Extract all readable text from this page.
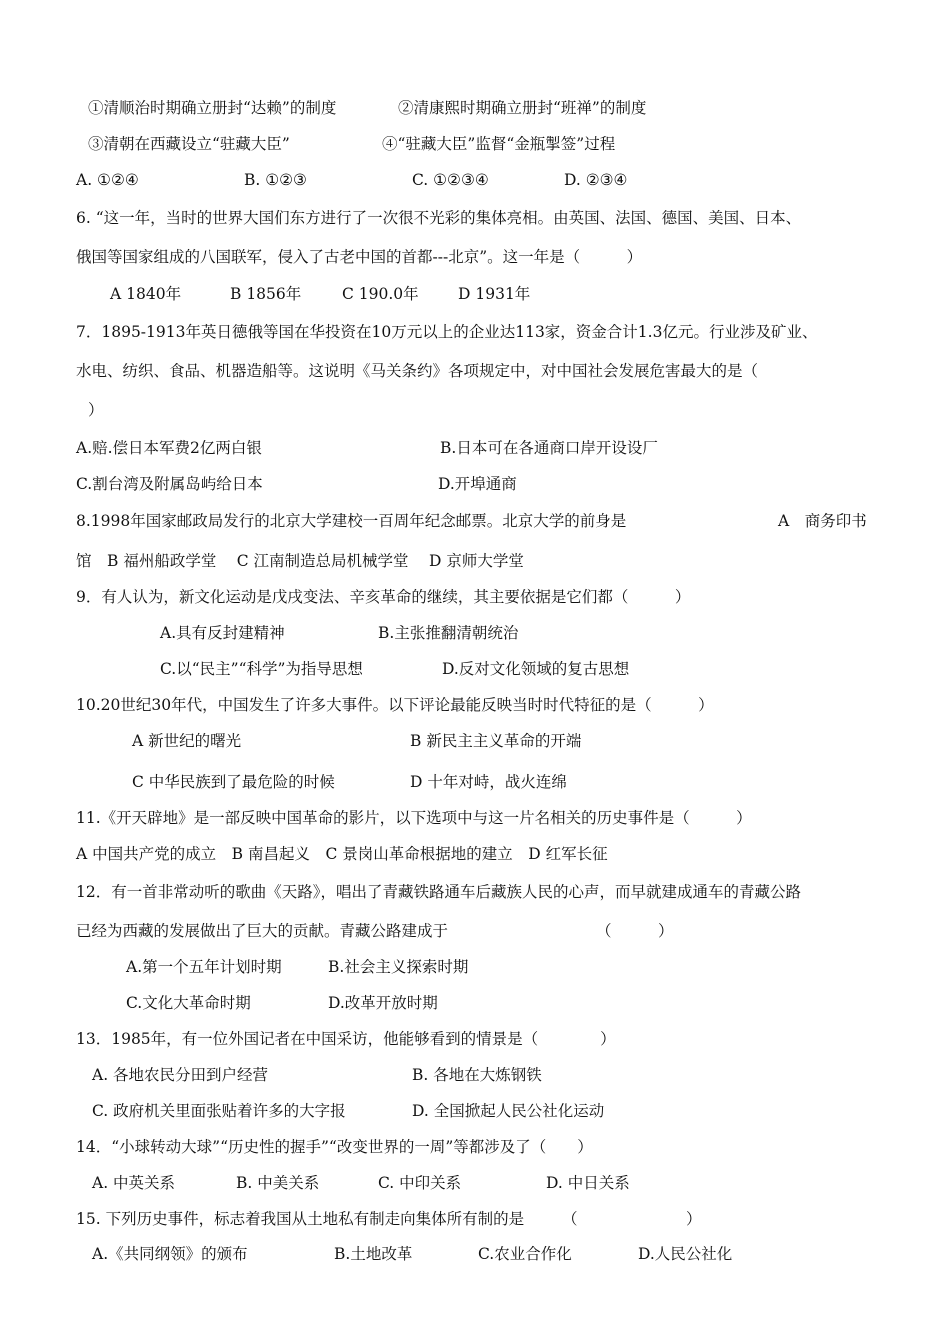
①清顺治时期确立册封“达赖”的制度	②清康熙时期确立册封“班禅”的制度
③清朝在西藏设立“驻藏大臣”	④“驻藏大臣”监督“金瓶掣签”过程
A. ①②④	B. ①②③	C. ①②③④	D. ②③④
6. “这一年，当时的世界大国们东方进行了一次很不光彩的集体亮相。由英国、法国、德国、美国、日本、
俄国等国家组成的八国联军，侵入了古老中国的首都---北京”。这一年是（　　　）
A 1840年	B 1856年	C 190.0年	D 1931年
7．1895-1913年英日德俄等国在华投资在10万元以上的企业达113家，资金合计1.3亿元。行业涉及矿业、
水电、纺织、食品、机器造船等。这说明《马关条约》各项规定中，对中国社会发展危害最大的是（
）
A.赔.偿日本军费2亿两白银	B.日本可在各通商口岸开设设厂
C.割台湾及附属岛屿给日本	D.开埠通商
8.1998年国家邮政局发行的北京大学建校一百周年纪念邮票。北京大学的前身是	A　商务印书
馆　B 福州船政学堂　 C 江南制造总局机械学堂　 D 京师大学堂
9．有人认为，新文化运动是戊戌变法、辛亥革命的继续，其主要依据是它们都（　　　）
A.具有反封建精神	B.主张推翻清朝统治
C.以“民主”“科学”为指导思想	D.反对文化领域的复古思想
10.20世纪30年代，中国发生了许多大事件。以下评论最能反映当时时代特征的是（　　　）
A 新世纪的曙光	B 新民主主义革命的开端
C 中华民族到了最危险的时候	D 十年对峙，战火连绵
11.《开天辟地》是一部反映中国革命的影片，以下选项中与这一片名相关的历史事件是（　　　）
A 中国共产党的成立　B 南昌起义　C 景岗山革命根据地的建立　D 红军长征
12．有一首非常动听的歌曲《天路》，唱出了青藏铁路通车后藏族人民的心声，而早就建成通车的青藏公路
已经为西藏的发展做出了巨大的贡献。青藏公路建成于	（　　　）
A.第一个五年计划时期	B.社会主义探索时期
C.文化大革命时期	D.改革开放时期
13．1985年，有一位外国记者在中国采访，他能够看到的情景是（　　　　）
A. 各地农民分田到户经营	B. 各地在大炼钢铁
C. 政府机关里面张贴着许多的大字报	D. 全国掀起人民公社化运动
14．“小球转动大球”“历史性的握手”“改变世界的一周”等都涉及了（　　）
A. 中英关系	B. 中美关系	C. 中印关系	D. 中日关系
15. 下列历史事件，标志着我国从土地私有制走向集体所有制的是 （　　　　　　　）
A.《共同纲领》的颁布	B.土地改革	C.农业合作化	D.人民公社化
